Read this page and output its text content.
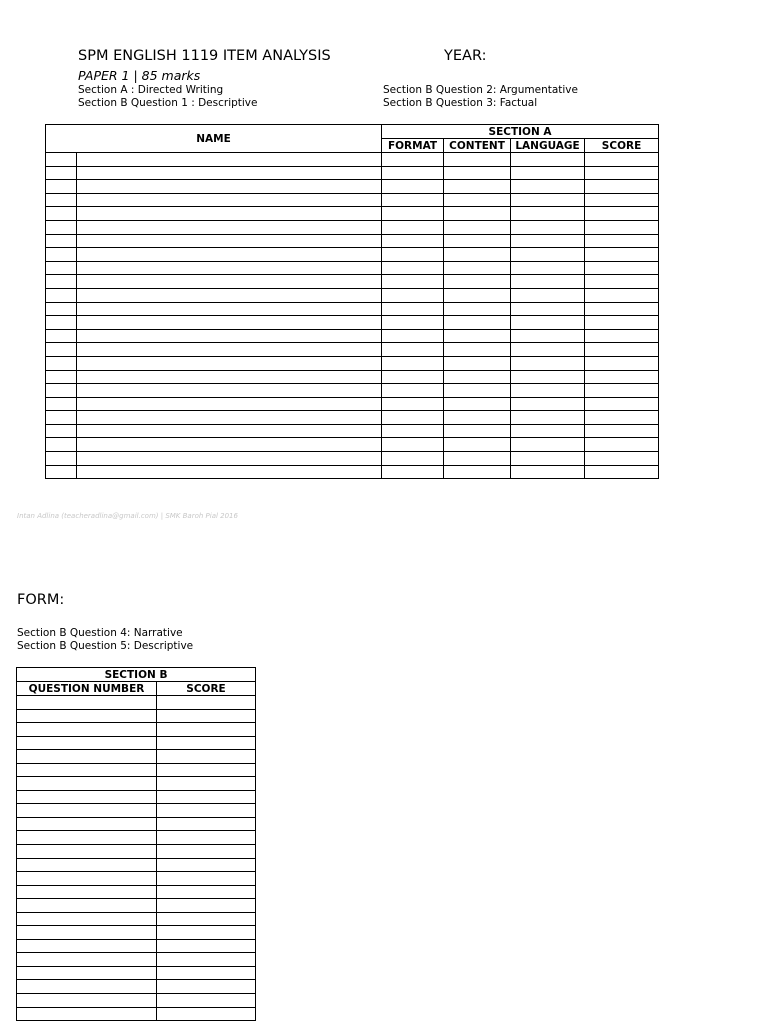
SPM ENGLISH 1119 ITEM ANALYSIS	YEAR:
PAPER 1 | 85 marks
Section A : Directed Writing
Section B Question 1 : Descriptive
Section B Question 2: Argumentative
Section B Question 3: Factual
NAME		SECTION A			
		FORMAT	CONTENT	LANGUAGE	SCORE

Intan Adlina (teacheradlina@gmail.com) | SMK Baroh Pial 2016
FORM:
Section B Question 4: Narrative
Section B Question 5: Descriptive
SECTION B	
QUESTION NUMBER	SCORE
